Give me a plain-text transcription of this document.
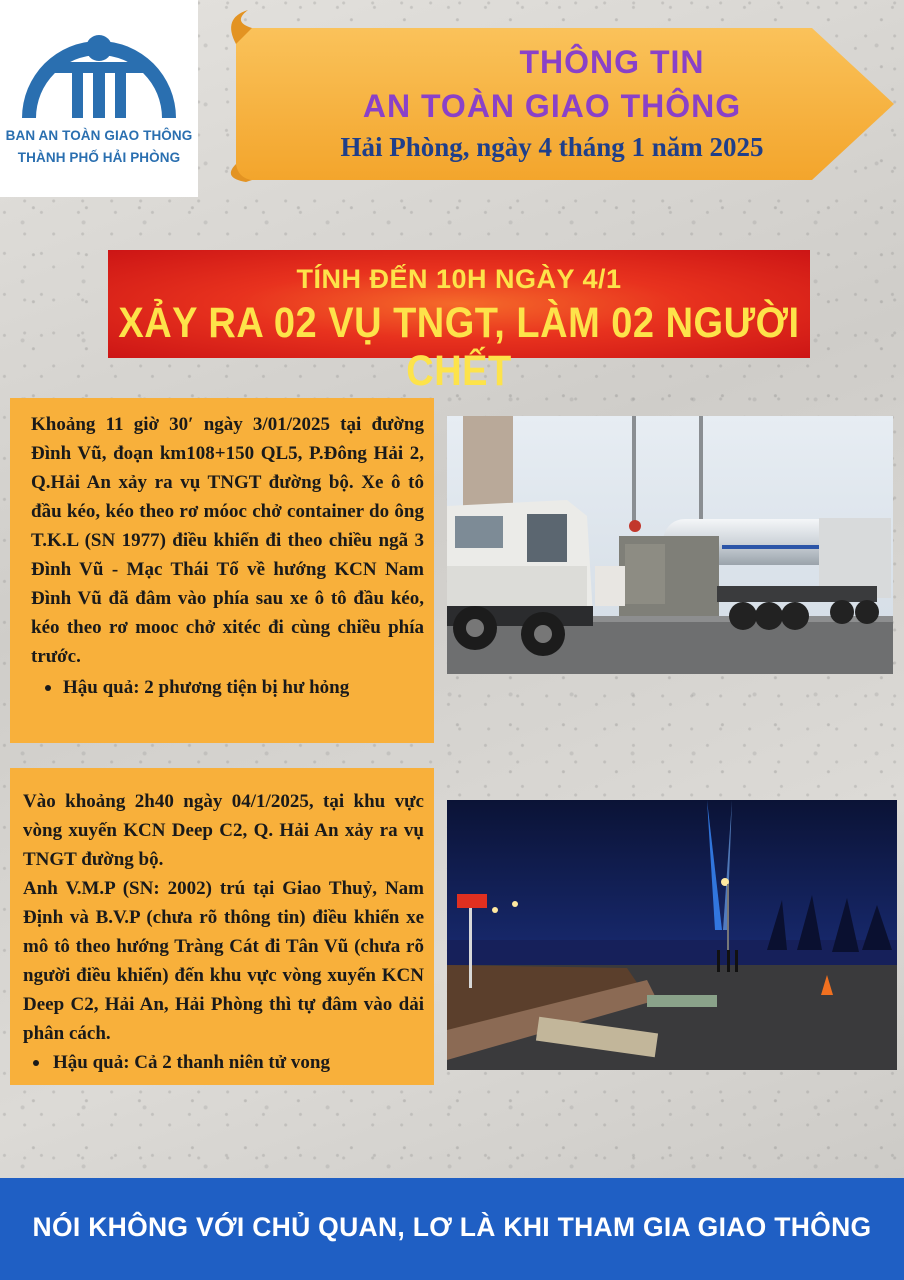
BAN AN TOÀN GIAO THÔNG
THÀNH PHỐ HẢI PHÒNG
THÔNG TIN
AN TOÀN GIAO THÔNG
Hải Phòng, ngày 4 tháng 1 năm 2025
TÍNH ĐẾN 10H NGÀY 4/1
XẢY RA 02 VỤ TNGT, LÀM 02 NGƯỜI CHẾT

Khoảng 11 giờ 30′ ngày 3/01/2025 tại đường Đình Vũ, đoạn km108+150 QL5, P.Đông Hải 2, Q.Hải An xảy ra vụ TNGT đường bộ. Xe ô tô đầu kéo, kéo theo rơ móoc chở container do ông T.K.L (SN 1977) điều khiển đi theo chiều ngã 3 Đình Vũ - Mạc Thái Tổ về hướng KCN Nam Đình Vũ đã đâm vào phía sau xe ô tô đầu kéo, kéo theo rơ mooc chở xitéc đi cùng chiều phía trước.

Hậu quả: 2 phương tiện bị hư hỏng

Vào khoảng 2h40 ngày 04/1/2025, tại khu vực vòng xuyến KCN Deep C2, Q. Hải An xảy ra vụ TNGT đường bộ.

Anh V.M.P (SN: 2002) trú tại Giao Thuỷ, Nam Định và B.V.P (chưa rõ thông tin) điều khiển xe mô tô theo hướng Tràng Cát đi Tân Vũ (chưa rõ người điều khiển) đến khu vực vòng xuyến KCN Deep C2, Hải An, Hải Phòng thì tự đâm vào dải phân cách.

Hậu quả: Cả 2 thanh niên tử vong
NÓI KHÔNG VỚI CHỦ QUAN, LƠ LÀ KHI THAM GIA GIAO THÔNG
